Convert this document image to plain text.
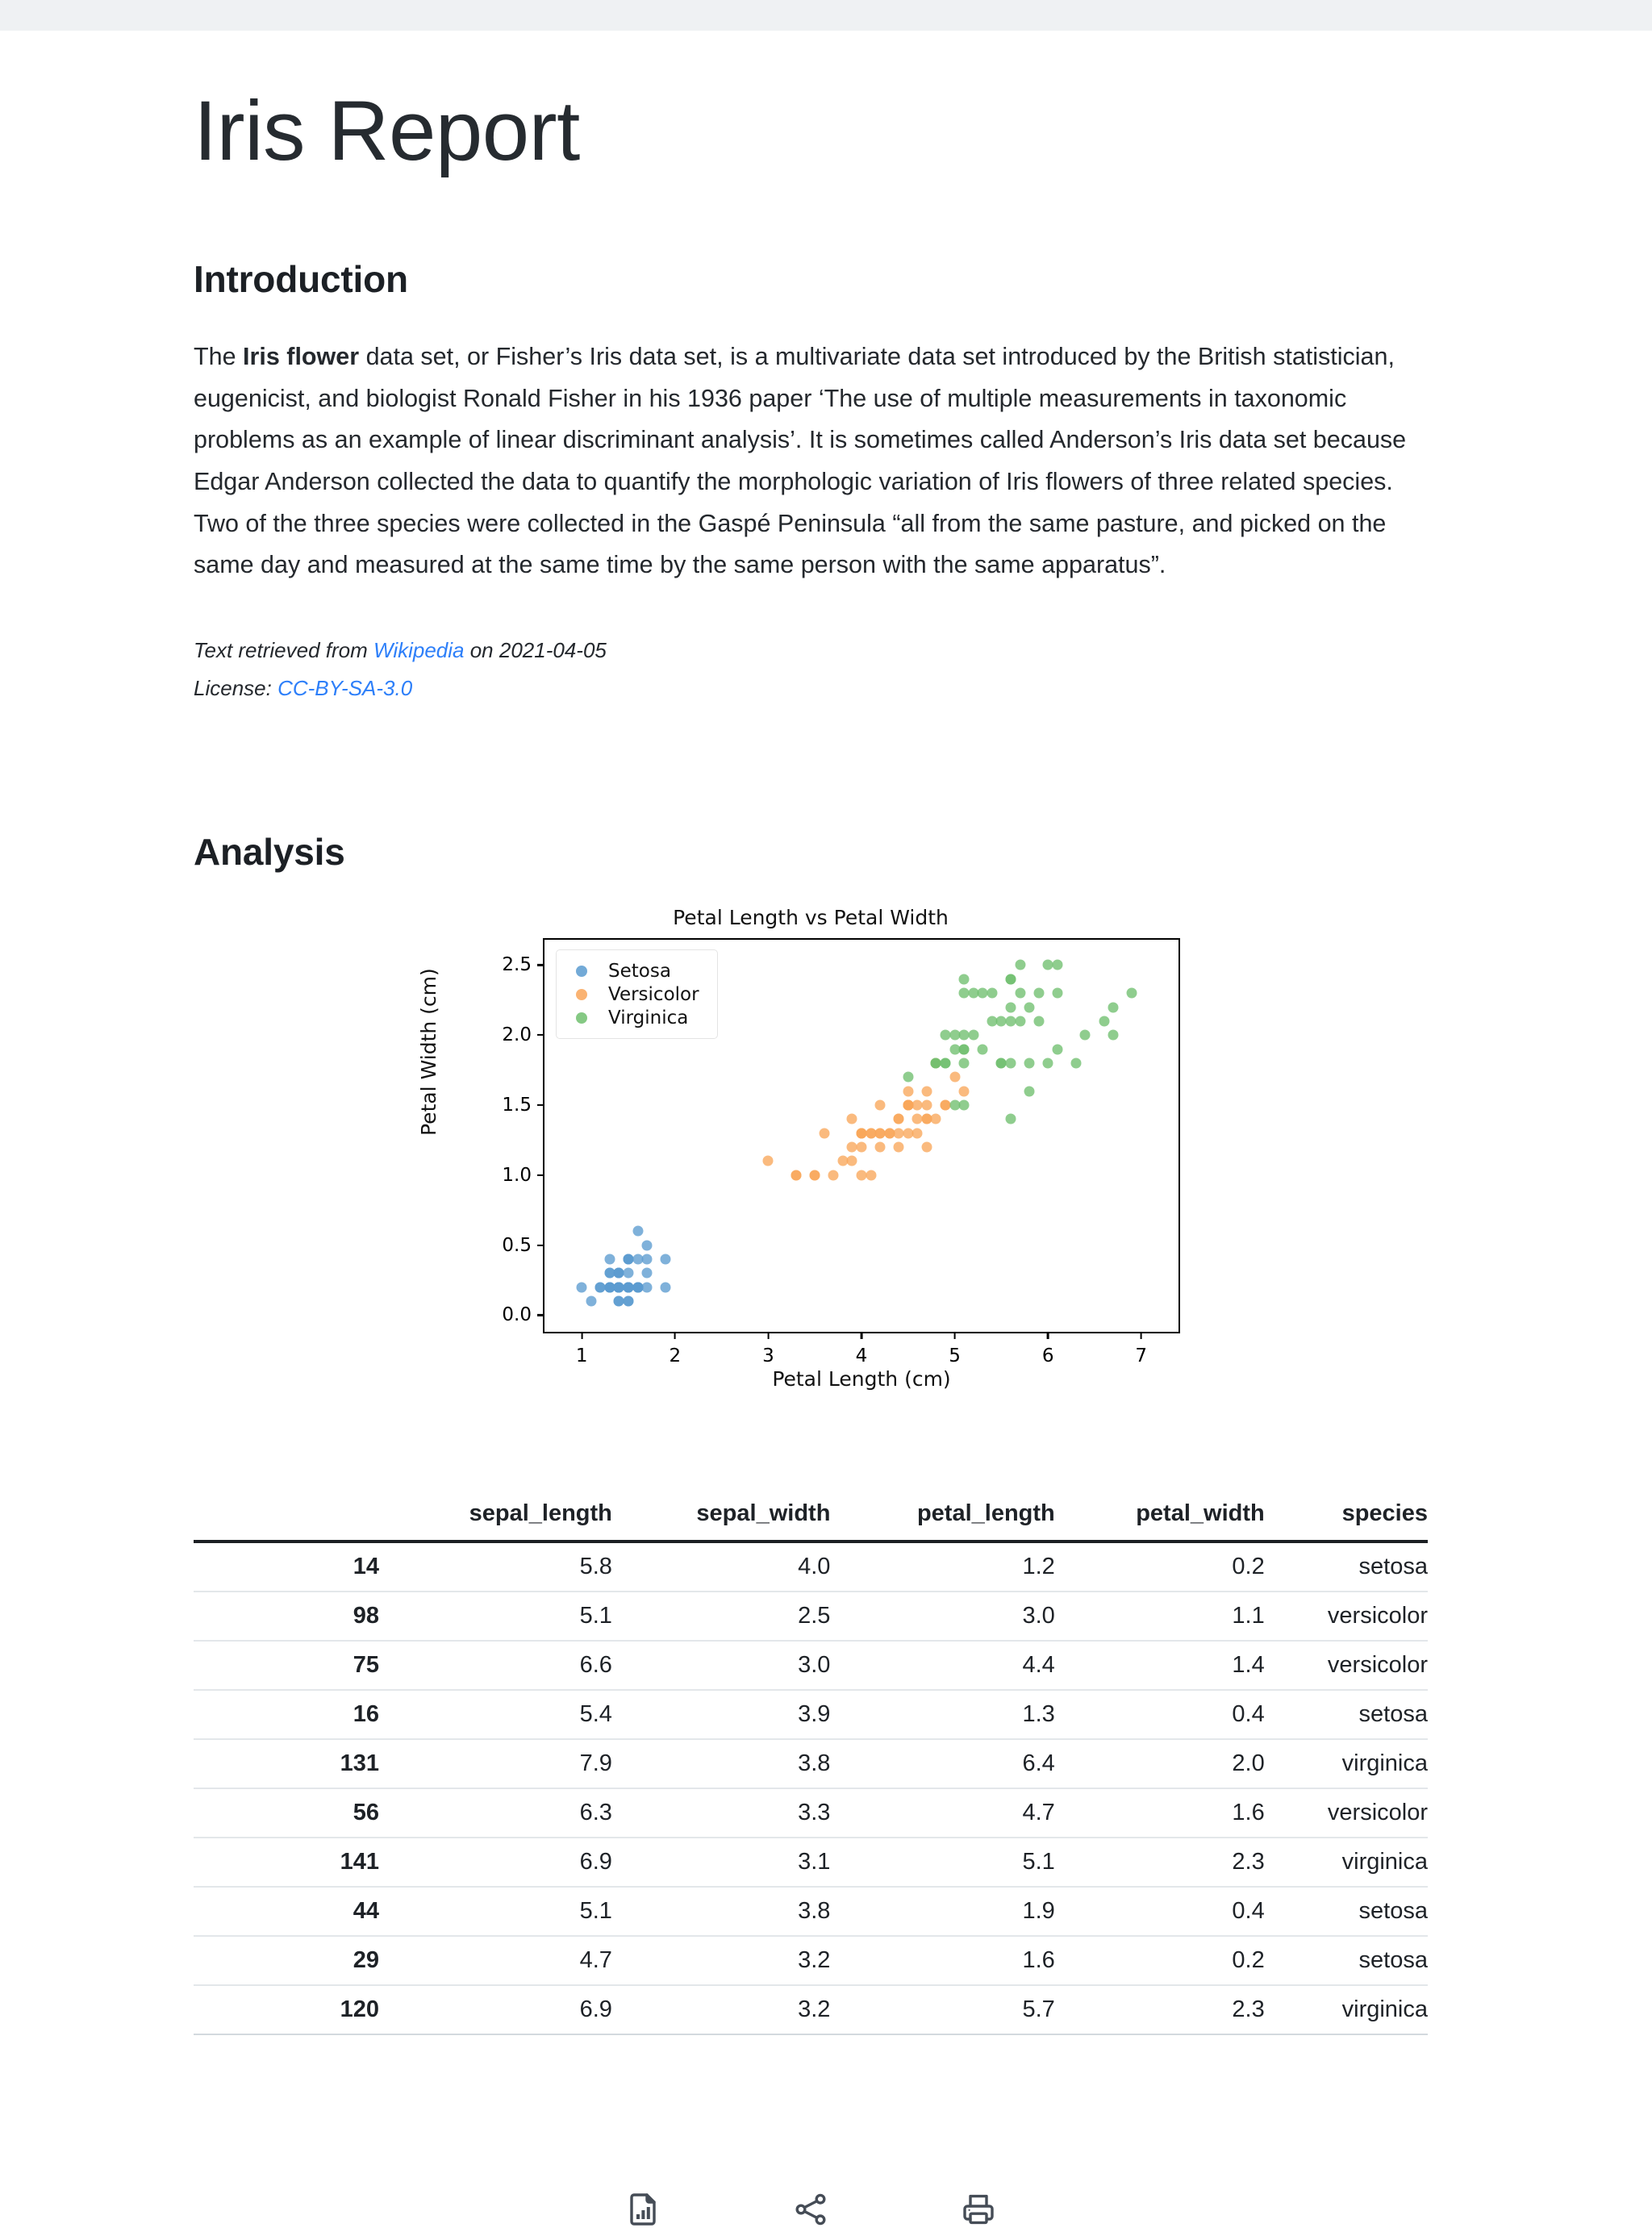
Iris Report
Introduction

The Iris flower data set, or Fisher’s Iris data set, is a multivariate data set introduced by the British statistician, eugenicist, and biologist Ronald Fisher in his 1936 paper ‘The use of multiple measurements in taxonomic problems as an example of linear discriminant analysis’. It is sometimes called Anderson’s Iris data set because Edgar Anderson collected the data to quantify the morphologic variation of Iris flowers of three related species. Two of the three species were collected in the Gaspé Peninsula “all from the same pasture, and picked on the same day and measured at the same time by the same person with the same apparatus”.

Text retrieved from Wikipedia on 2021-04-05
License: CC-BY-SA-3.0
Analysis
Petal Length vs Petal Width
Petal Width (cm)
Petal Length (cm)
Setosa
Versicolor
Virginica
0.0
0.5
1.0
1.5
2.0
2.5
1	2	3	4	5	6	7
	sepal_length	sepal_width	petal_length	petal_width	species
14	5.8	4.0	1.2	0.2	setosa
98	5.1	2.5	3.0	1.1	versicolor
75	6.6	3.0	4.4	1.4	versicolor
16	5.4	3.9	1.3	0.4	setosa
131	7.9	3.8	6.4	2.0	virginica
56	6.3	3.3	4.7	1.6	versicolor
141	6.9	3.1	5.1	2.3	virginica
44	5.1	3.8	1.9	0.4	setosa
29	4.7	3.2	1.6	0.2	setosa
120	6.9	3.2	5.7	2.3	virginica
